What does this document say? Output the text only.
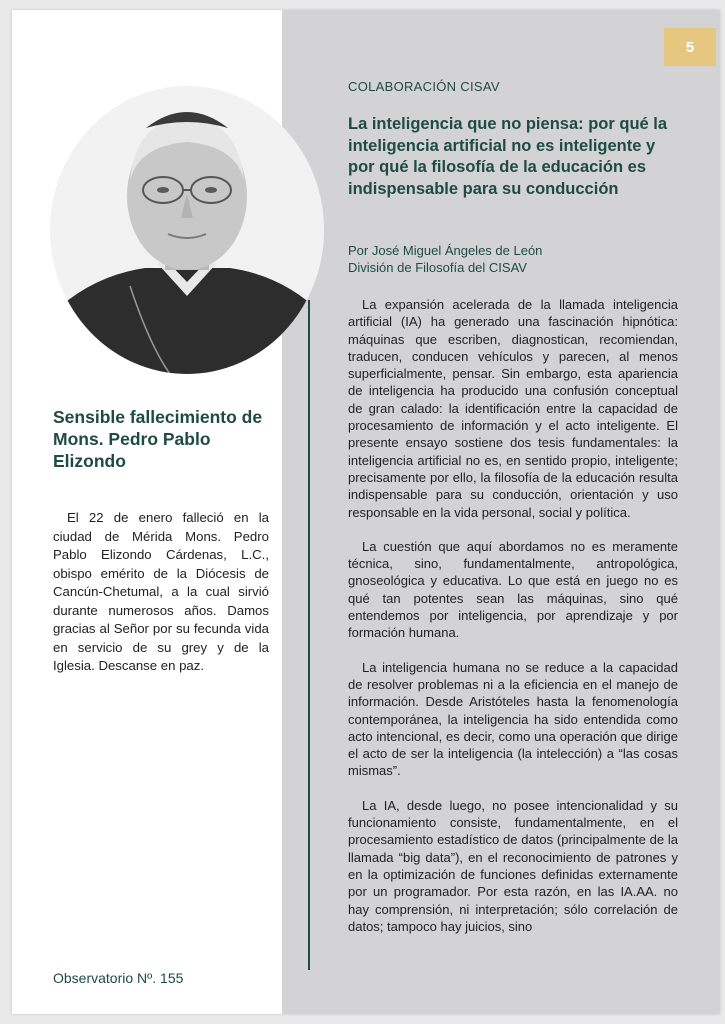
5
Sensible fallecimiento de Mons. Pedro Pablo Elizondo

El 22 de enero falleció en la ciudad de Mérida Mons. Pedro Pablo Elizondo Cárdenas, L.C., obispo emérito de la Diócesis de Cancún-Chetumal, a la cual sirvió durante numerosos años. Damos gracias al Señor por su fecunda vida en servicio de su grey y de la Iglesia. Descanse en paz.

Observatorio Nº. 155
COLABORACIÓN CISAV
La inteligencia que no piensa: por qué la inteligencia artificial no es inteligente y por qué la filosofía de la educación es indispensable para su conducción
Por José Miguel Ángeles de León
División de Filosofía del CISAV

La expansión acelerada de la llamada inteligencia artificial (IA) ha generado una fascinación hipnótica: máquinas que escriben, diagnostican, recomiendan, traducen, conducen vehículos y parecen, al menos superficialmente, pensar. Sin embargo, esta apariencia de inteligencia ha producido una confusión conceptual de gran calado: la identificación entre la capacidad de procesamiento de información y el acto inteligente. El presente ensayo sostiene dos tesis fundamentales: la inteligencia artificial no es, en sentido propio, inteligente; precisamente por ello, la filosofía de la educación resulta indispensable para su conducción, orientación y uso responsable en la vida personal, social y política.

La cuestión que aquí abordamos no es meramente técnica, sino, fundamentalmente, antropológica, gnoseológica y educativa. Lo que está en juego no es qué tan potentes sean las máquinas, sino qué entendemos por inteligencia, por aprendizaje y por formación humana.

La inteligencia humana no se reduce a la capacidad de resolver problemas ni a la eficiencia en el manejo de información. Desde Aristóteles hasta la fenomenología contemporánea, la inteligencia ha sido entendida como acto intencional, es decir, como una operación que dirige el acto de ser la inteligencia (la intelección) a “las cosas mismas”.

La IA, desde luego, no posee intencionalidad y su funcionamiento consiste, fundamentalmente, en el procesamiento estadístico de datos (principalmente de la llamada “big data”), en el reconocimiento de patrones y en la optimización de funciones definidas externamente por un programador. Por esta razón, en las IA.AA. no hay comprensión, ni interpretación; sólo correlación de datos; tampoco hay juicios, sino
